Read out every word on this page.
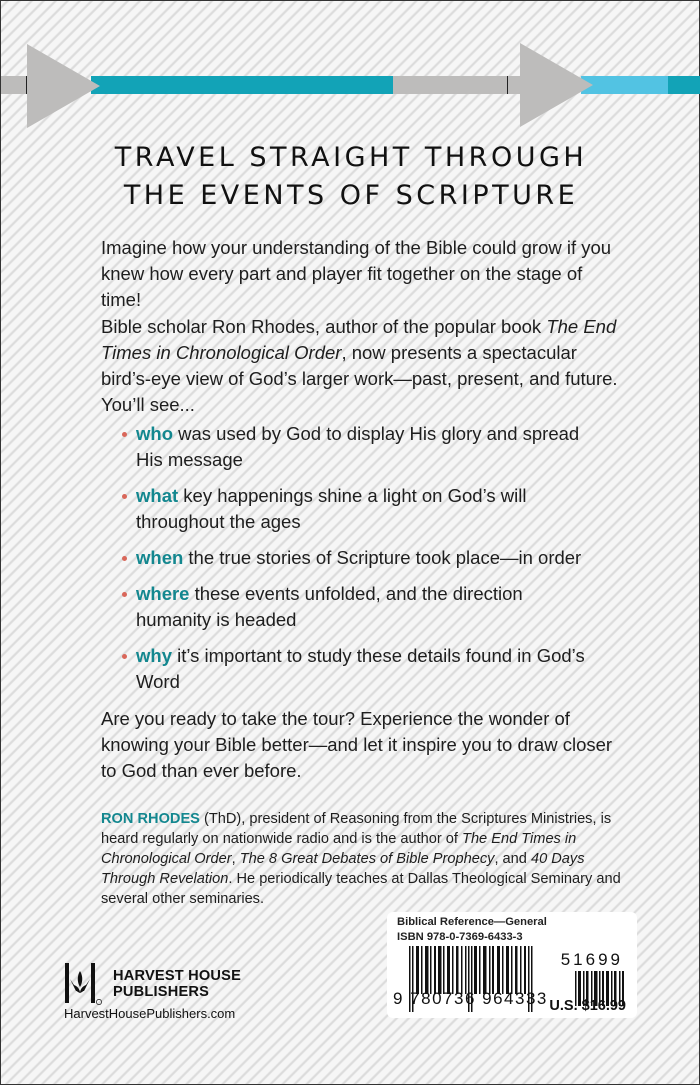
TRAVEL STRAIGHT THROUGH
THE EVENTS OF SCRIPTURE

Imagine how your understanding of the Bible could grow if you knew how every part and player fit together on the stage of time!

Bible scholar Ron Rhodes, author of the popular book The End Times in Chronological Order, now presents a spectacular bird’s-eye view of God’s larger work—past, present, and future. You’ll see...

who was used by God to display His glory and spread His message
what key happenings shine a light on God’s will throughout the ages
when the true stories of Scripture took place—in order
where these events unfolded, and the direction humanity is headed
why it’s important to study these details found in God’s Word

Are you ready to take the tour? Experience the wonder of knowing your Bible better—and let it inspire you to draw closer to God than ever before.

RON RHODES (ThD), president of Reasoning from the Scriptures Ministries, is heard regularly on nationwide radio and is the author of The End Times in Chronological Order, The 8 Great Debates of Bible Prophecy, and 40 Days Through Revelation. He periodically teaches at Dallas Theological Seminary and several other seminaries.

HARVEST HOUSE
PUBLISHERS
HarvestHousePublishers.com
Biblical Reference—General
ISBN 978-0-7369-6433-3
9 780736 964333
51699
U.S. $16.99
